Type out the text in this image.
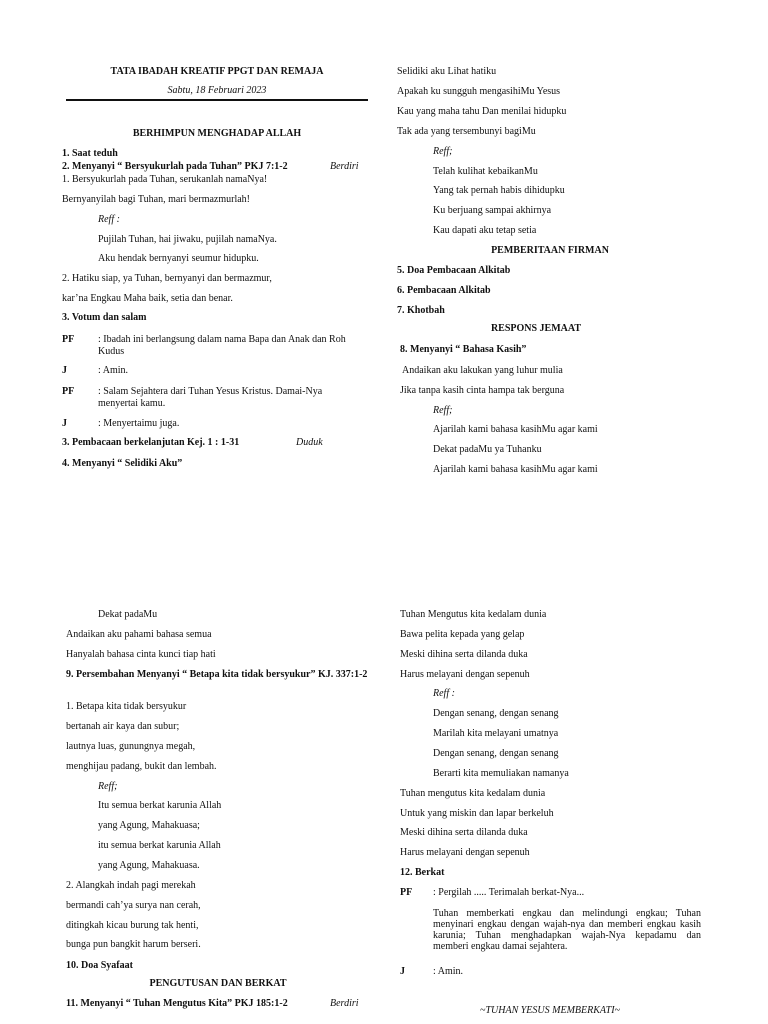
TATA IBADAH KREATIF PPGT DAN REMAJA
Sabtu, 18 Februari 2023
BERHIMPUN MENGHADAP ALLAH
1. Saat teduh
2. Menyanyi “ Bersyukurlah pada Tuhan” PKJ 7:1-2	Berdiri
1. Bersyukurlah pada Tuhan, serukanlah namaNya!
Bernyanyilah bagi Tuhan, mari bermazmurlah!
Reff :
Pujilah Tuhan, hai jiwaku, pujilah namaNya.
Aku hendak bernyanyi seumur hidupku.
2. Hatiku siap, ya Tuhan, bernyanyi dan bermazmur,
kar’na Engkau Maha baik, setia dan benar.
3. Votum dan salam
PF : Ibadah ini berlangsung dalam nama Bapa dan Anak dan Roh Kudus
J	: Amin.
PF : Salam Sejahtera dari Tuhan Yesus Kristus. Damai-Nya menyertai kamu.
J	: Menyertaimu juga.
3. Pembacaan berkelanjutan Kej. 1 : 1-31	Duduk
4. Menyanyi “ Selidiki Aku”
Selidiki aku Lihat hatiku
Apakah ku sungguh mengasihiMu Yesus
Kau yang maha tahu Dan menilai hidupku
Tak ada yang tersembunyi bagiMu
Reff;
Telah kulihat kebaikanMu
Yang tak pernah habis dihidupku
Ku berjuang sampai akhirnya
Kau dapati aku tetap setia
PEMBERITAAN FIRMAN
5. Doa Pembacaan Alkitab
6. Pembacaan Alkitab
7. Khotbah
RESPONS JEMAAT
8. Menyanyi “ Bahasa Kasih”
Andaikan aku lakukan yang luhur mulia
Jika tanpa kasih cinta hampa tak berguna
Reff;
Ajarilah kami bahasa kasihMu agar kami
Dekat padaMu ya Tuhanku
Ajarilah kami bahasa kasihMu agar kami
Dekat padaMu
Andaikan aku pahami bahasa semua
Hanyalah bahasa cinta kunci tiap hati
9. Persembahan Menyanyi “ Betapa kita tidak bersyukur” KJ. 337:1-2
1. Betapa kita tidak bersyukur
bertanah air kaya dan subur;
lautnya luas, gunungnya megah,
menghijau padang, bukit dan lembah.
Reff;
Itu semua berkat karunia Allah
yang Agung, Mahakuasa;
itu semua berkat karunia Allah
yang Agung, Mahakuasa.
2. Alangkah indah pagi merekah
bermandi cah’ya surya nan cerah,
ditingkah kicau burung tak henti,
bunga pun bangkit harum berseri.
10. Doa Syafaat
PENGUTUSAN DAN BERKAT
11. Menyanyi “ Tuhan Mengutus Kita” PKJ 185:1-2	Berdiri
Tuhan Mengutus kita kedalam dunia
Bawa pelita kepada yang gelap
Meski dihina serta dilanda duka
Harus melayani dengan sepenuh
Reff :
Dengan senang, dengan senang
Marilah kita melayani umatnya
Dengan senang, dengan senang
Berarti kita memuliakan namanya
Tuhan mengutus kita kedalam dunia
Untuk yang miskin dan lapar berkeluh
Meski dihina serta dilanda duka
Harus melayani dengan sepenuh
12. Berkat
PF : Pergilah ..... Terimalah berkat-Nya...
Tuhan memberkati engkau dan melindungi engkau; Tuhan menyinari engkau dengan wajah-nya dan memberi engkau kasih karunia; Tuhan menghadapkan wajah-Nya kepadamu dan memberi engkau damai sejahtera.
J	: Amin.
~TUHAN YESUS MEMBERKATI~
